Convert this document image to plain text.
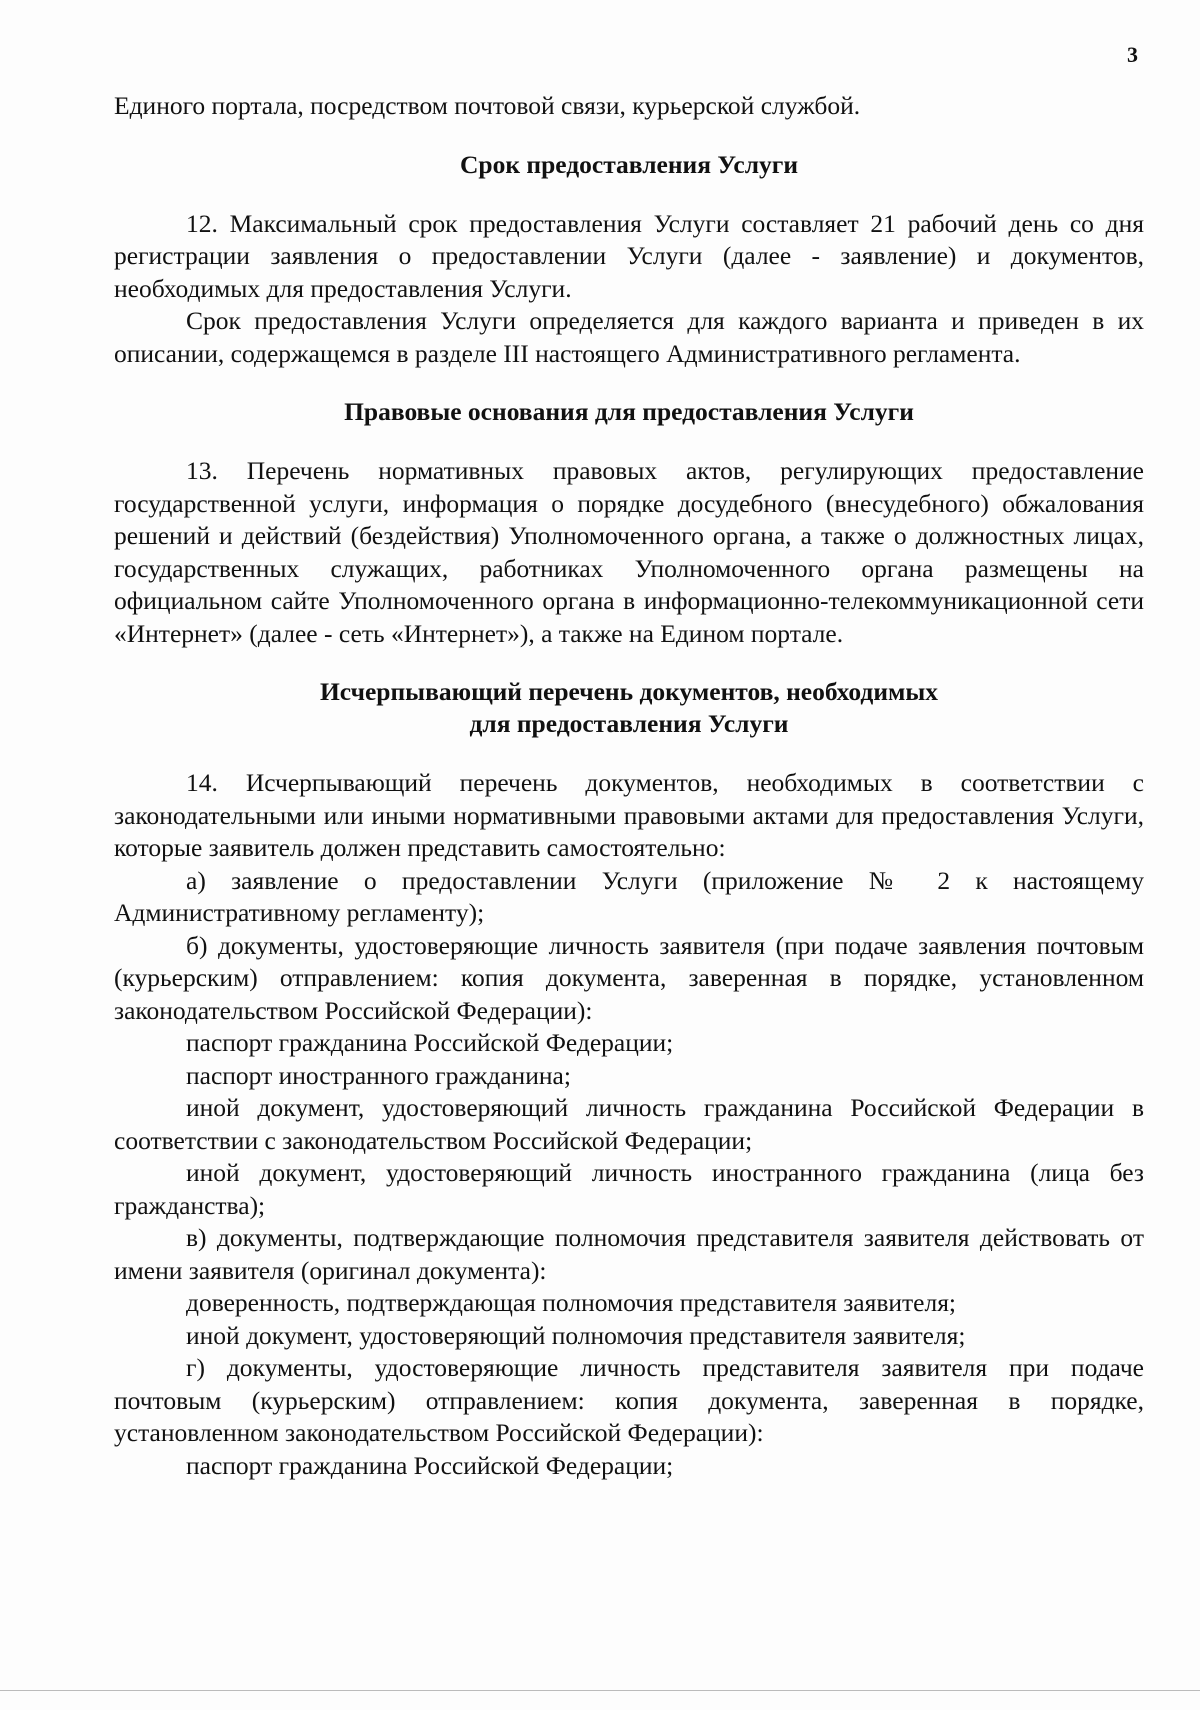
3

Единого портала, посредством почтовой связи, курьерской службой.

Срок предоставления Услуги

12. Максимальный срок предоставления Услуги составляет 21 рабочий день со дня регистрации заявления о предоставлении Услуги (далее - заявление) и документов, необходимых для предоставления Услуги.

Срок предоставления Услуги определяется для каждого варианта и приведен в их описании, содержащемся в разделе III настоящего Административного регламента.

Правовые основания для предоставления Услуги

13. Перечень нормативных правовых актов, регулирующих предоставление государственной услуги, информация о порядке досудебного (внесудебного) обжалования решений и действий (бездействия) Уполномоченного органа, а также о должностных лицах, государственных служащих, работниках Уполномоченного органа размещены на официальном сайте Уполномоченного органа в информационно-телекоммуникационной сети «Интернет» (далее - сеть «Интернет»), а также на Едином портале.

Исчерпывающий перечень документов, необходимых
для предоставления Услуги

14. Исчерпывающий перечень документов, необходимых в соответствии с законодательными или иными нормативными правовыми актами для предоставления Услуги, которые заявитель должен представить самостоятельно:

а) заявление о предоставлении Услуги (приложение № 2 к настоящему Административному регламенту);

б) документы, удостоверяющие личность заявителя (при подаче заявления почтовым (курьерским) отправлением: копия документа, заверенная в порядке, установленном законодательством Российской Федерации):

паспорт гражданина Российской Федерации;

паспорт иностранного гражданина;

иной документ, удостоверяющий личность гражданина Российской Федерации в соответствии с законодательством Российской Федерации;

иной документ, удостоверяющий личность иностранного гражданина (лица без гражданства);

в) документы, подтверждающие полномочия представителя заявителя действовать от имени заявителя (оригинал документа):

доверенность, подтверждающая полномочия представителя заявителя;

иной документ, удостоверяющий полномочия представителя заявителя;

г) документы, удостоверяющие личность представителя заявителя при подаче почтовым (курьерским) отправлением: копия документа, заверенная в порядке, установленном законодательством Российской Федерации):

паспорт гражданина Российской Федерации;
